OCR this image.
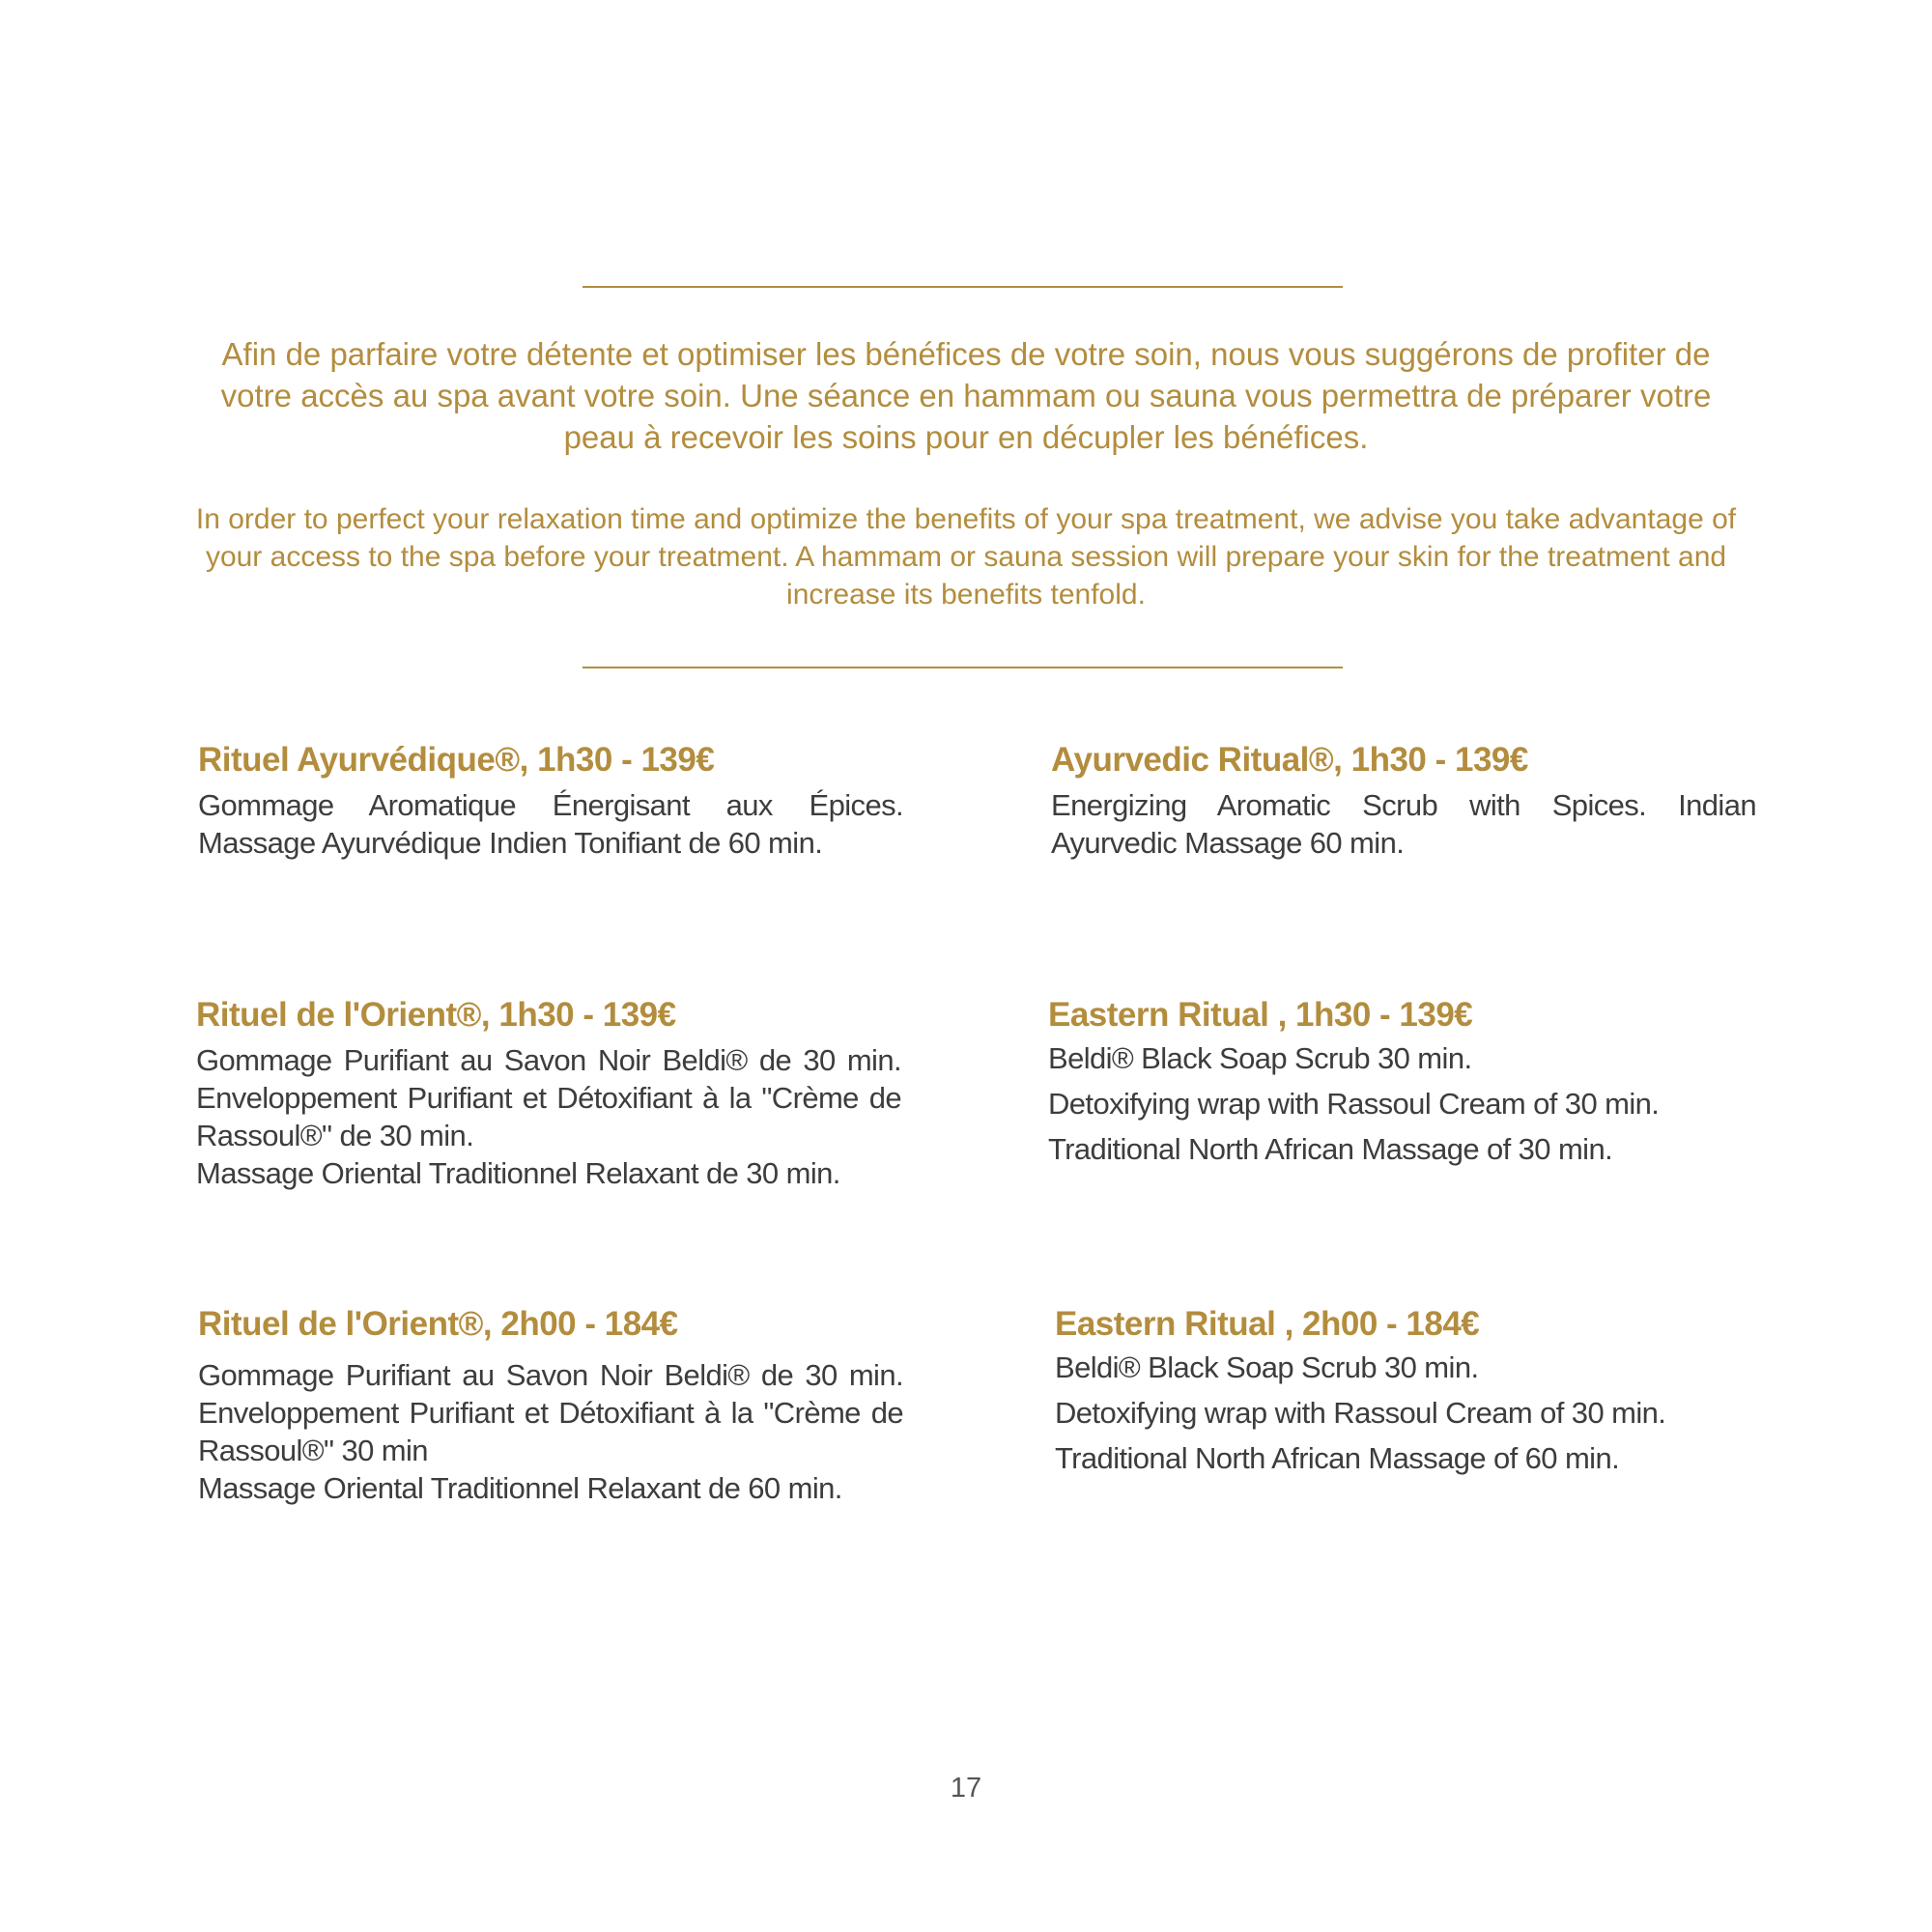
Afin de parfaire votre détente et optimiser les bénéfices de votre soin, nous vous suggérons de profiter de votre accès au spa avant votre soin. Une séance en hammam ou sauna vous permettra de préparer votre peau à recevoir les soins pour en décupler les bénéfices.

In order to perfect your relaxation time and optimize the benefits of your spa treatment, we advise you take advantage of your access to the spa before your treatment. A hammam or sauna session will prepare your skin for the treatment and increase its benefits tenfold.

Rituel Ayurvédique®, 1h30 - 139€

Gommage Aromatique Énergisant aux Épices. Massage Ayurvédique Indien Tonifiant de 60 min.

Ayurvedic Ritual®, 1h30 - 139€

Energizing Aromatic Scrub with Spices. Indian Ayurvedic Massage 60 min.

Rituel de l'Orient®, 1h30 - 139€

Gommage Purifiant au Savon Noir Beldi® de 30 min. Enveloppement Purifiant et Détoxifiant à la "Crème de Rassoul®" de 30 min.

Massage Oriental Traditionnel Relaxant de 30 min.

Eastern Ritual , 1h30 - 139€
Beldi® Black Soap Scrub 30 min.
Detoxifying wrap with Rassoul Cream of 30 min.
Traditional North African Massage of 30 min.
Rituel de l'Orient®, 2h00 - 184€

Gommage Purifiant au Savon Noir Beldi® de 30 min. Enveloppement Purifiant et Détoxifiant à la "Crème de Rassoul®" 30 min

Massage Oriental Traditionnel Relaxant de 60 min.

Eastern Ritual , 2h00 - 184€
Beldi® Black Soap Scrub 30 min.
Detoxifying wrap with Rassoul Cream of 30 min.
Traditional North African Massage of 60 min.
17
